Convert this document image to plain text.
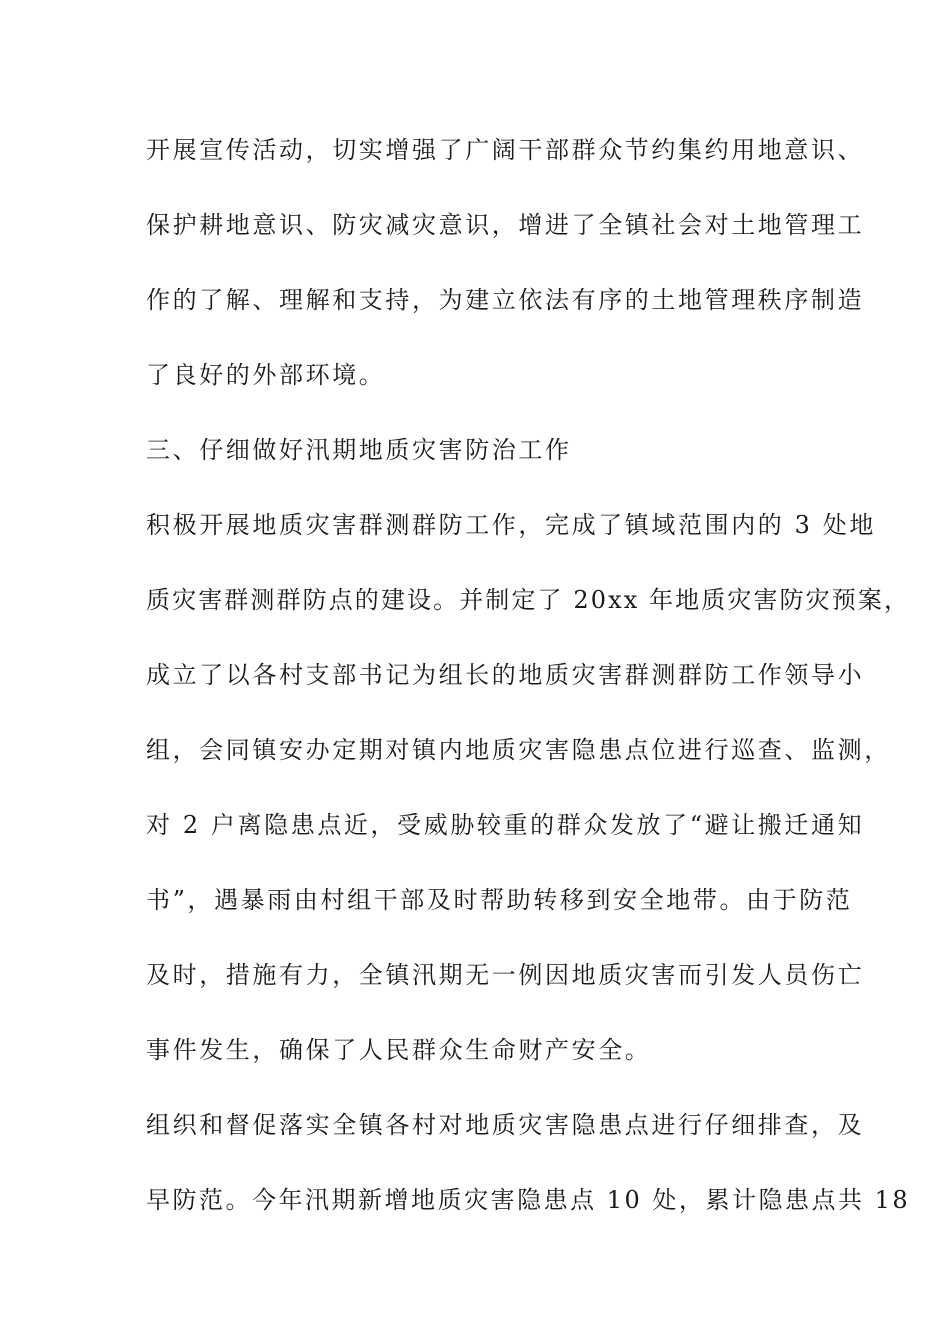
开展宣传活动，切实增强了广阔干部群众节约集约用地意识、
保护耕地意识、防灾减灾意识，增进了全镇社会对土地管理工
作的了解、理解和支持，为建立依法有序的土地管理秩序制造
了良好的外部环境。
三、仔细做好汛期地质灾害防治工作
积极开展地质灾害群测群防工作，完成了镇域范围内的 3 处地
质灾害群测群防点的建设。并制定了 20xx 年地质灾害防灾预案，
成立了以各村支部书记为组长的地质灾害群测群防工作领导小
组，会同镇安办定期对镇内地质灾害隐患点位进行巡查、监测，
对 2 户离隐患点近，受威胁较重的群众发放了“避让搬迁通知
书”，遇暴雨由村组干部及时帮助转移到安全地带。由于防范
及时，措施有力，全镇汛期无一例因地质灾害而引发人员伤亡
事件发生，确保了人民群众生命财产安全。
组织和督促落实全镇各村对地质灾害隐患点进行仔细排查，及
早防范。今年汛期新增地质灾害隐患点 10 处，累计隐患点共 18
